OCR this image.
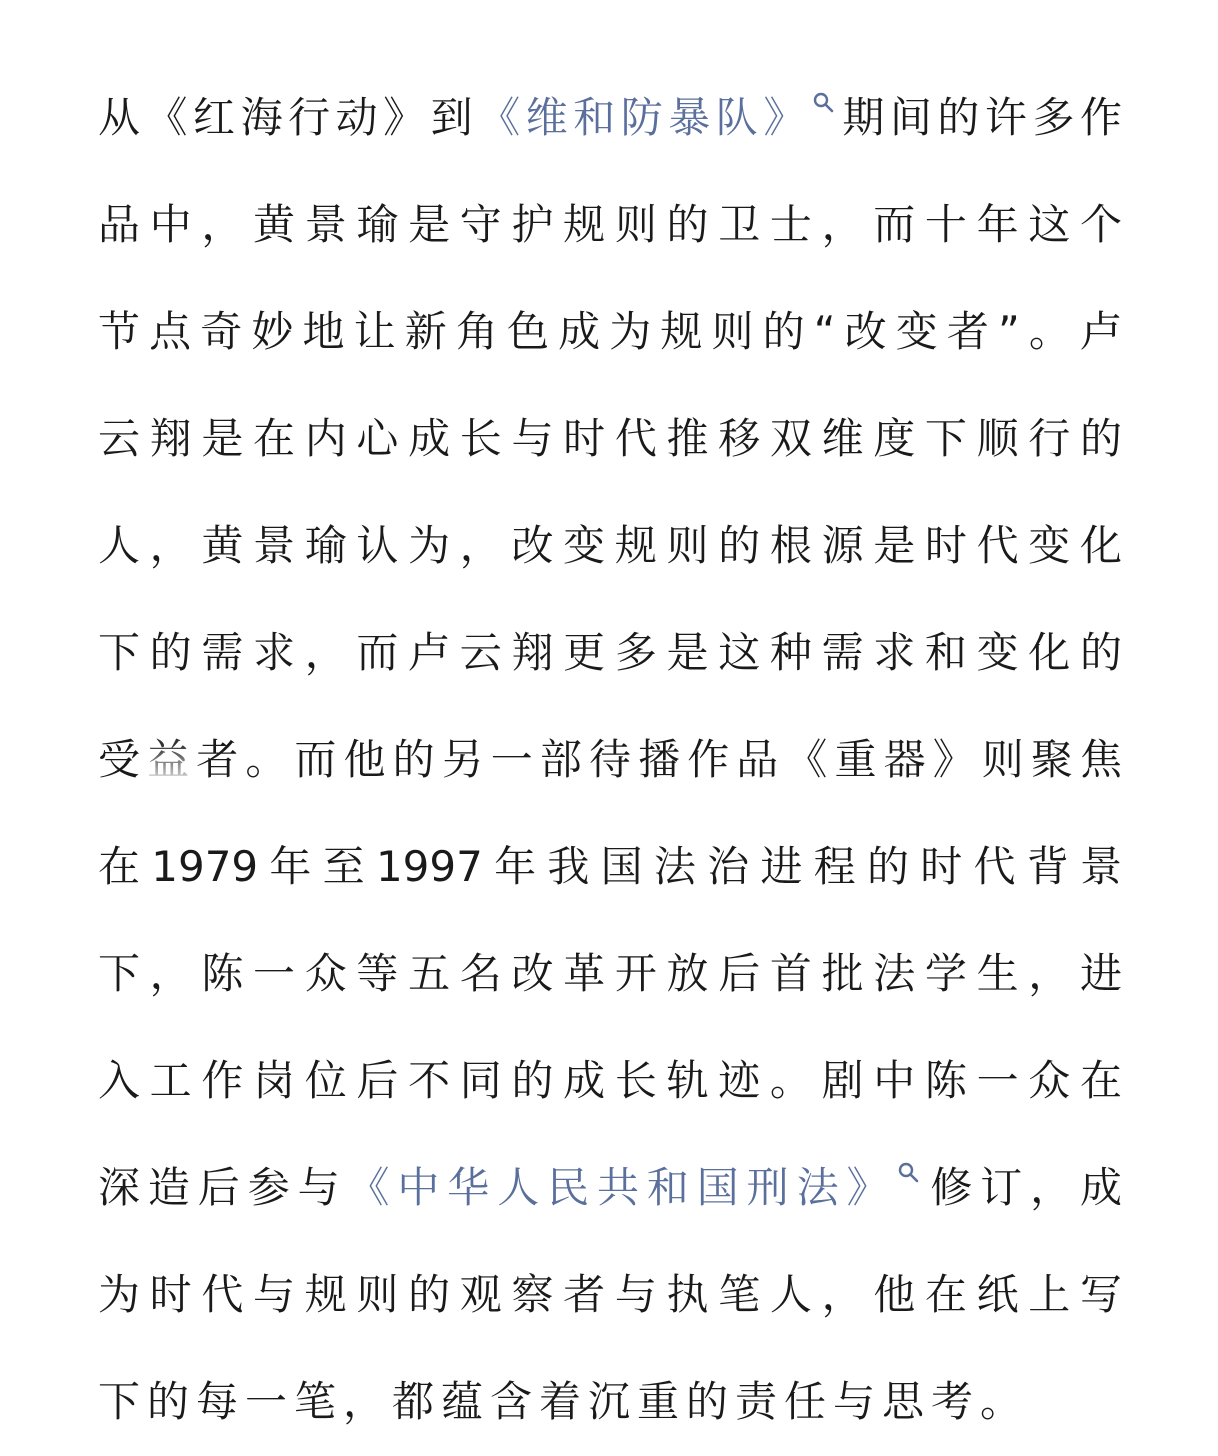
从《红海行动》到《维和防暴队》 期间的许多作
品中，黄景瑜是守护规则的卫士，而十年这个
节点奇妙地让新角色成为规则的“改变者”。卢
云翔是在内心成长与时代推移双维度下顺行的
人，黄景瑜认为，改变规则的根源是时代变化
下的需求，而卢云翔更多是这种需求和变化的
受益者。而他的另一部待播作品《重器》则聚焦
在1979年至1997年我国法治进程的时代背景
下，陈一众等五名改革开放后首批法学生，进
入工作岗位后不同的成长轨迹。剧中陈一众在
深造后参与《中华人民共和国刑法》 修订，成
为时代与规则的观察者与执笔人，他在纸上写
下的每一笔，都蕴含着沉重的责任与思考。
